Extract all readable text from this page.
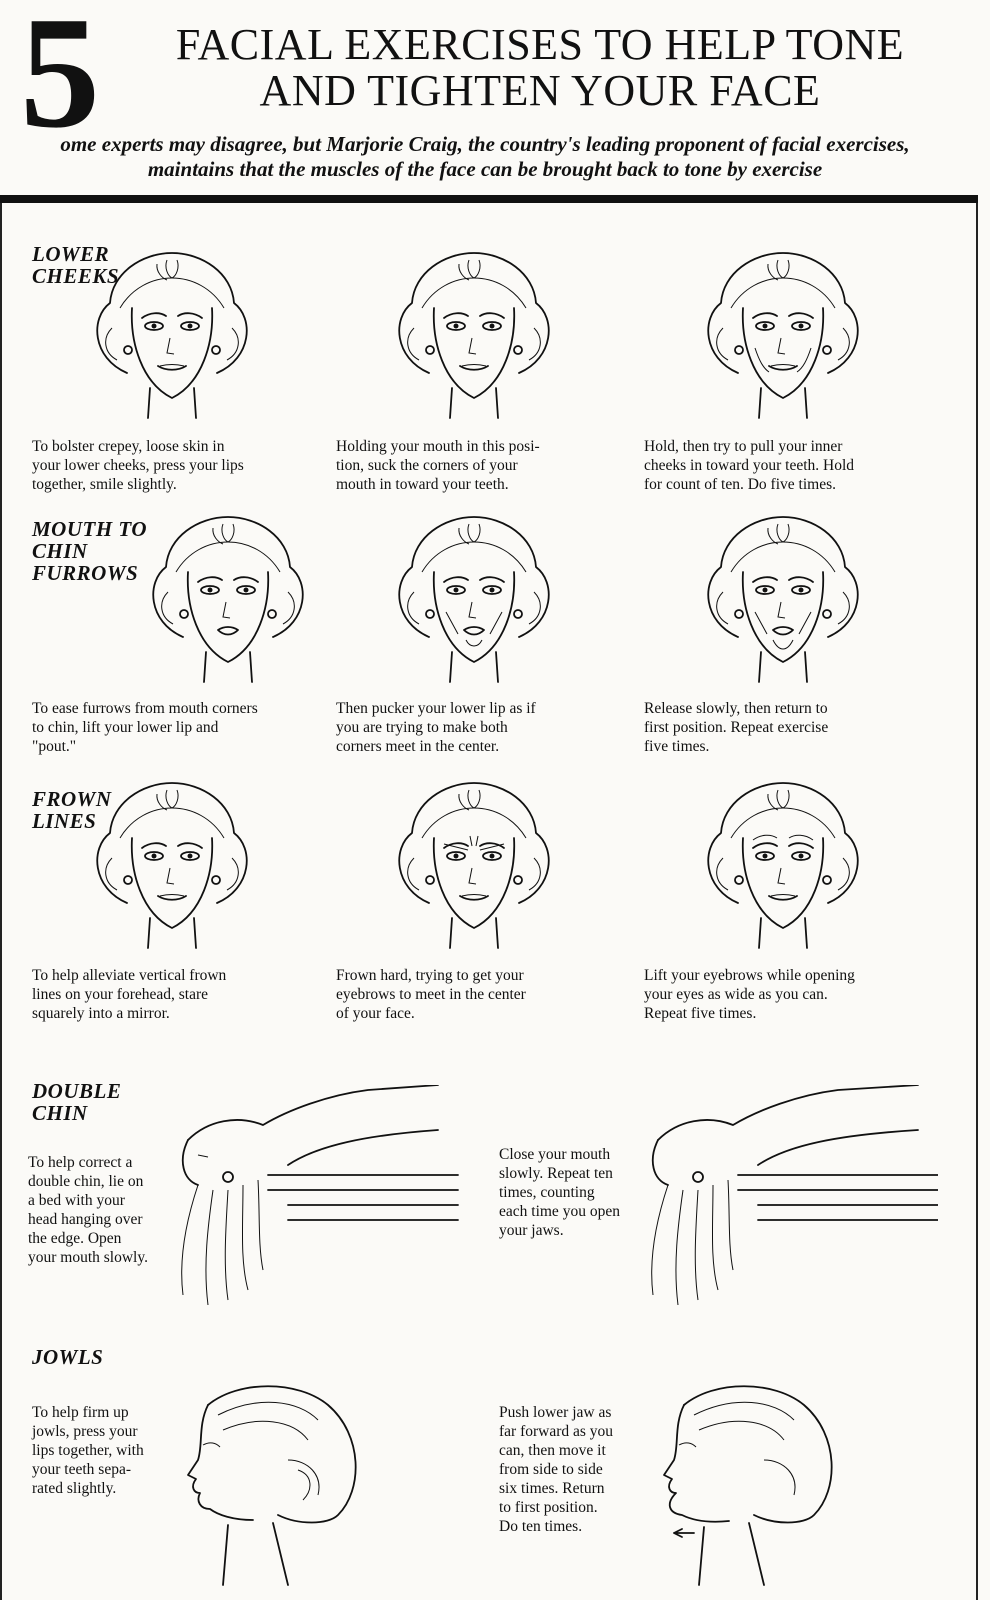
5	FACIAL EXERCISES TO HELP TONE
AND TIGHTEN YOUR FACE
ome experts may disagree, but Marjorie Craig, the country's leading proponent of facial exercises,
maintains that the muscles of the face can be brought back to tone by exercise
LOWER
CHEEKS
To bolster crepey, loose skin in
your lower cheeks, press your lips
together, smile slightly.
Holding your mouth in this posi-
tion, suck the corners of your
mouth in toward your teeth.
Hold, then try to pull your inner
cheeks in toward your teeth. Hold
for count of ten. Do five times.
MOUTH TO
CHIN
FURROWS
To ease furrows from mouth corners
to chin, lift your lower lip and
"pout."
Then pucker your lower lip as if
you are trying to make both
corners meet in the center.
Release slowly, then return to
first position. Repeat exercise
five times.
FROWN
LINES
To help alleviate vertical frown
lines on your forehead, stare
squarely into a mirror.
Frown hard, trying to get your
eyebrows to meet in the center
of your face.
Lift your eyebrows while opening
your eyes as wide as you can.
Repeat five times.
DOUBLE
CHIN
To help correct a
double chin, lie on
a bed with your
head hanging over
the edge. Open
your mouth slowly.
Close your mouth
slowly. Repeat ten
times, counting
each time you open
your jaws.
JOWLS
To help firm up
jowls, press your
lips together, with
your teeth sepa-
rated slightly.
Push lower jaw as
far forward as you
can, then move it
from side to side
six times. Return
to first position.
Do ten times.
